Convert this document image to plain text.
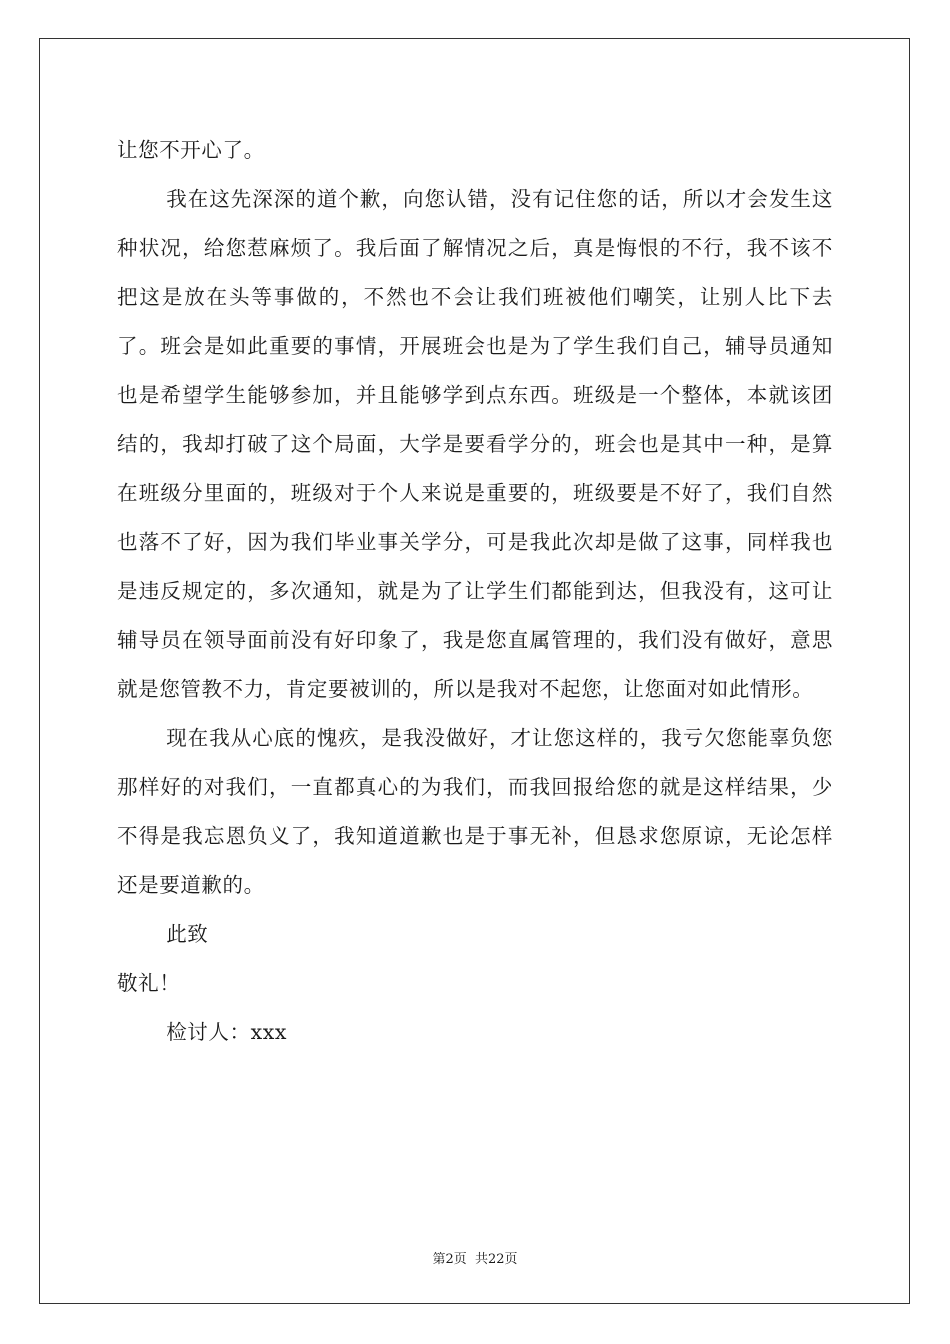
让您不开心了。

我在这先深深的道个歉，向您认错，没有记住您的话，所以才会发生这种状况，给您惹麻烦了。我后面了解情况之后，真是悔恨的不行，我不该不把这是放在头等事做的，不然也不会让我们班被他们嘲笑，让别人比下去了。班会是如此重要的事情，开展班会也是为了学生我们自己，辅导员通知也是希望学生能够参加，并且能够学到点东西。班级是一个整体，本就该团结的，我却打破了这个局面，大学是要看学分的，班会也是其中一种，是算在班级分里面的，班级对于个人来说是重要的，班级要是不好了，我们自然也落不了好，因为我们毕业事关学分，可是我此次却是做了这事，同样我也是违反规定的，多次通知，就是为了让学生们都能到达，但我没有，这可让辅导员在领导面前没有好印象了，我是您直属管理的，我们没有做好，意思就是您管教不力，肯定要被训的，所以是我对不起您，让您面对如此情形。

现在我从心底的愧疚，是我没做好，才让您这样的，我亏欠您能辜负您那样好的对我们，一直都真心的为我们，而我回报给您的就是这样结果，少不得是我忘恩负义了，我知道道歉也是于事无补，但恳求您原谅，无论怎样还是要道歉的。

此致

敬礼！

检讨人：xxx

第2页 共22页
